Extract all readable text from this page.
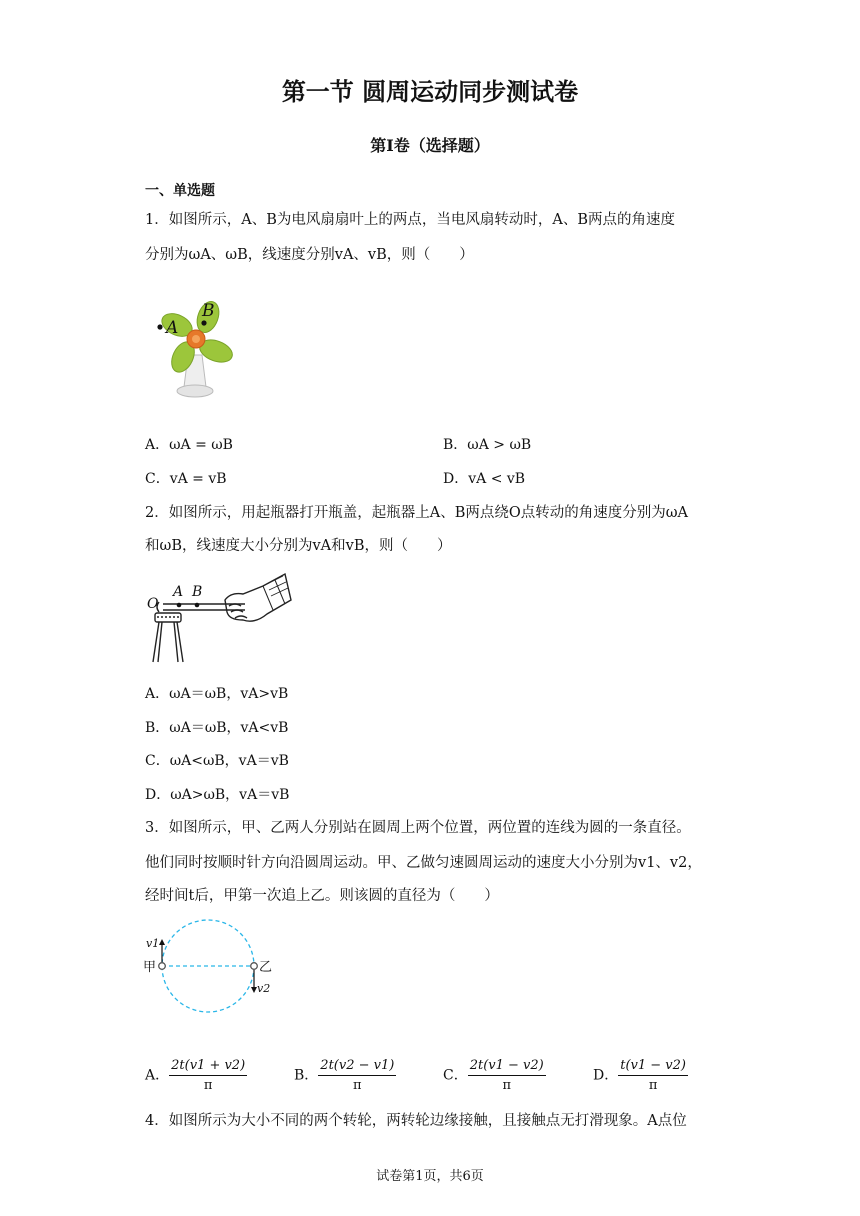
第一节 圆周运动同步测试卷
第I卷（选择题）
一、单选题
1．如图所示，A、B为电风扇扇叶上的两点，当电风扇转动时，A、B两点的角速度
分别为ωA、ωB，线速度分别vA、vB，则（　　）
A
B
A．ωA = ωB	B．ωA > ωB
C．vA = vB	D．vA < vB
2．如图所示，用起瓶器打开瓶盖，起瓶器上A、B两点绕O点转动的角速度分别为ωA
和ωB，线速度大小分别为vA和vB，则（　　）
O
A B
A．ωA＝ωB，vA>vB
B．ωA＝ωB，vA<vB
C．ωA<ωB，vA＝vB
D．ωA>ωB，vA＝vB
3．如图所示，甲、乙两人分别站在圆周上两个位置，两位置的连线为圆的一条直径。
他们同时按顺时针方向沿圆周运动。甲、乙做匀速圆周运动的速度大小分别为v1、v2，
经时间t后，甲第一次追上乙。则该圆的直径为（　　）
v1
v2
甲	乙
A． $\frac{2t(v1 + v2)}{\pi}$	B． $\frac{2t(v2 - v1)}{\pi}$	C． $\frac{2t(v1 - v2)}{\pi}$	D． $\frac{t(v1 - v2)}{\pi}$
4．如图所示为大小不同的两个转轮，两转轮边缘接触，且接触点无打滑现象。A点位
试卷第1页，共6页
